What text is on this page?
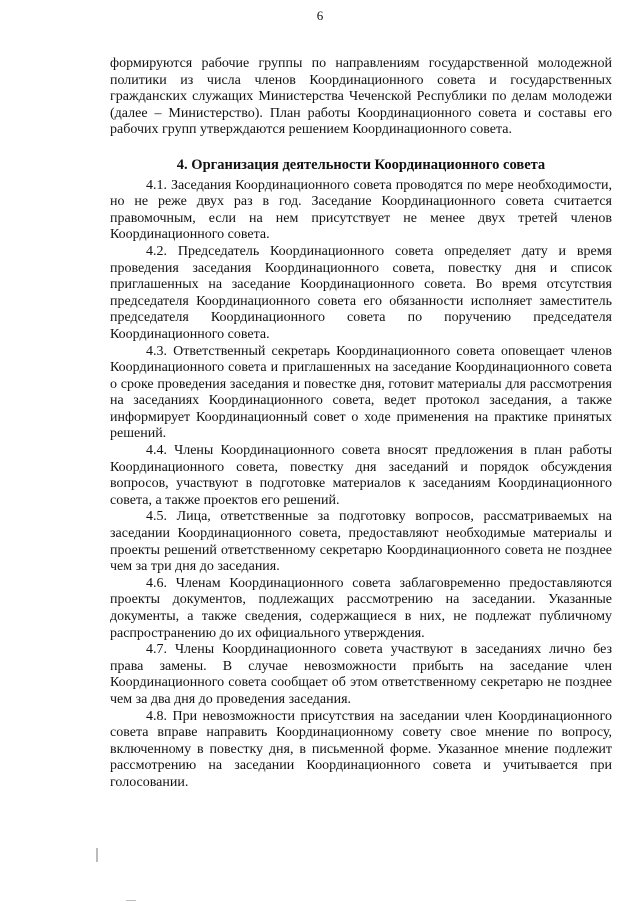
6

формируются рабочие группы по направлениям государственной молодежной политики из числа членов Координационного совета и государственных гражданских служащих Министерства Чеченской Республики по делам молодежи (далее – Министерство). План работы Координационного совета и составы его рабочих групп утверждаются решением Координационного совета.

4. Организация деятельности Координационного совета

4.1. Заседания Координационного совета проводятся по мере необходимости, но не реже двух раз в год. Заседание Координационного совета считается правомочным, если на нем присутствует не менее двух третей членов Координационного совета.

4.2. Председатель Координационного совета определяет дату и время проведения заседания Координационного совета, повестку дня и список приглашенных на заседание Координационного совета. Во время отсутствия председателя Координационного совета его обязанности исполняет заместитель председателя Координационного совета по поручению председателя Координационного совета.

4.3. Ответственный секретарь Координационного совета оповещает членов Координационного совета и приглашенных на заседание Координационного совета о сроке проведения заседания и повестке дня, готовит материалы для рассмотрения на заседаниях Координационного совета, ведет протокол заседания, а также информирует Координационный совет о ходе применения на практике принятых решений.

4.4. Члены Координационного совета вносят предложения в план работы Координационного совета, повестку дня заседаний и порядок обсуждения вопросов, участвуют в подготовке материалов к заседаниям Координационного совета, а также проектов его решений.

4.5. Лица, ответственные за подготовку вопросов, рассматриваемых на заседании Координационного совета, предоставляют необходимые материалы и проекты решений ответственному секретарю Координационного совета не позднее чем за три дня до заседания.

4.6. Членам Координационного совета заблаговременно предоставляются проекты документов, подлежащих рассмотрению на заседании. Указанные документы, а также сведения, содержащиеся в них, не подлежат публичному распространению до их официального утверждения.

4.7. Члены Координационного совета участвуют в заседаниях лично без права замены. В случае невозможности прибыть на заседание член Координационного совета сообщает об этом ответственному секретарю не позднее чем за два дня до проведения заседания.

4.8. При невозможности присутствия на заседании член Координационного совета вправе направить Координационному совету свое мнение по вопросу, включенному в повестку дня, в письменной форме. Указанное мнение подлежит рассмотрению на заседании Координационного совета и учитывается при голосовании.
